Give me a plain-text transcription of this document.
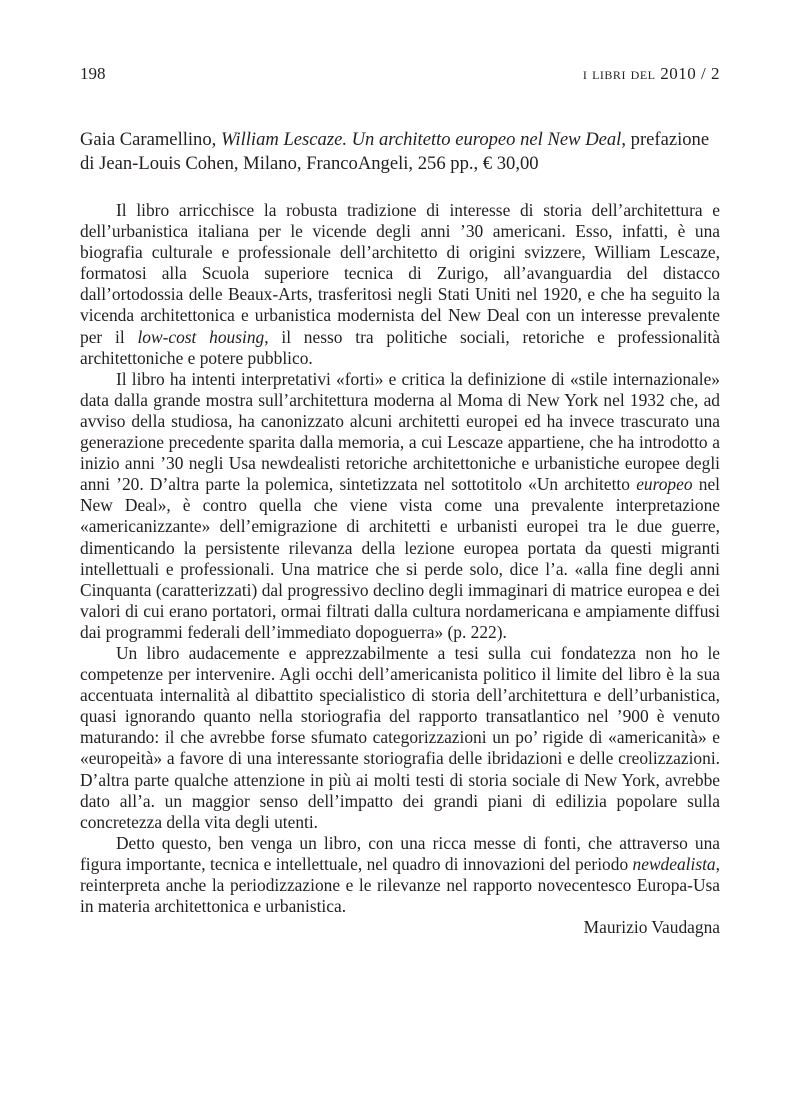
198	i libri del 2010 / 2

Gaia Caramellino, William Lescaze. Un architetto europeo nel New Deal, prefazione di Jean-Louis Cohen, Milano, FrancoAngeli, 256 pp., € 30,00

Il libro arricchisce la robusta tradizione di interesse di storia dell’architettura e dell’urbanistica italiana per le vicende degli anni ’30 americani. Esso, infatti, è una biografia culturale e professionale dell’architetto di origini svizzere, William Lescaze, formatosi alla Scuola superiore tecnica di Zurigo, all’avanguardia del distacco dall’ortodossia delle Beaux-Arts, trasferitosi negli Stati Uniti nel 1920, e che ha seguito la vicenda architettonica e urbanistica modernista del New Deal con un interesse prevalente per il low-cost housing, il nesso tra politiche sociali, retoriche e professionalità architettoniche e potere pubblico.

Il libro ha intenti interpretativi «forti» e critica la definizione di «stile internazionale» data dalla grande mostra sull’architettura moderna al Moma di New York nel 1932 che, ad avviso della studiosa, ha canonizzato alcuni architetti europei ed ha invece trascurato una generazione precedente sparita dalla memoria, a cui Lescaze appartiene, che ha introdotto a inizio anni ’30 negli Usa newdealisti retoriche architettoniche e urbanistiche europee degli anni ’20. D’altra parte la polemica, sintetizzata nel sottotitolo «Un architetto europeo nel New Deal», è contro quella che viene vista come una prevalente interpretazione «americanizzante» dell’emigrazione di architetti e urbanisti europei tra le due guerre, dimenticando la persistente rilevanza della lezione europea portata da questi migranti intellettuali e professionali. Una matrice che si perde solo, dice l’a. «alla fine degli anni Cinquanta (caratterizzati) dal progressivo declino degli immaginari di matrice europea e dei valori di cui erano portatori, ormai filtrati dalla cultura nordamericana e ampiamente diffusi dai programmi federali dell’immediato dopoguerra» (p. 222).

Un libro audacemente e apprezzabilmente a tesi sulla cui fondatezza non ho le competenze per intervenire. Agli occhi dell’americanista politico il limite del libro è la sua accentuata internalità al dibattito specialistico di storia dell’architettura e dell’urbanistica, quasi ignorando quanto nella storiografia del rapporto transatlantico nel ’900 è venuto maturando: il che avrebbe forse sfumato categorizzazioni un po’ rigide di «americanità» e «europeità» a favore di una interessante storiografia delle ibridazioni e delle creolizzazioni. D’altra parte qualche attenzione in più ai molti testi di storia sociale di New York, avrebbe dato all’a. un maggior senso dell’impatto dei grandi piani di edilizia popolare sulla concretezza della vita degli utenti.

Detto questo, ben venga un libro, con una ricca messe di fonti, che attraverso una figura importante, tecnica e intellettuale, nel quadro di innovazioni del periodo newdealista, reinterpreta anche la periodizzazione e le rilevanze nel rapporto novecentesco Europa-Usa in materia architettonica e urbanistica.

Maurizio Vaudagna
